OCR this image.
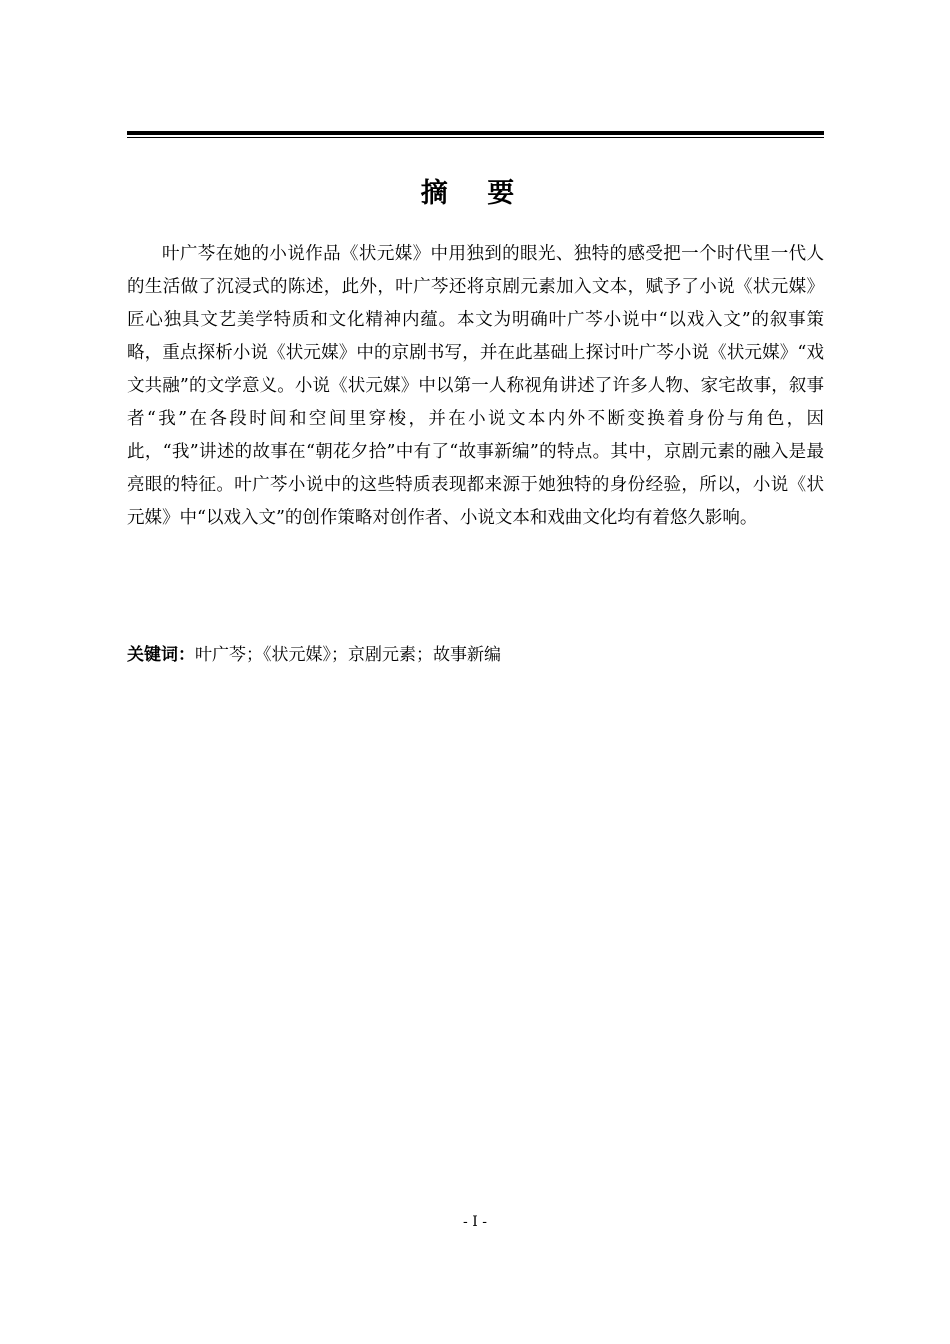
摘 要

叶广芩在她的小说作品《状元媒》中用独到的眼光、独特的感受把一个时代里一代人的生活做了沉浸式的陈述，此外，叶广芩还将京剧元素加入文本，赋予了小说《状元媒》匠心独具文艺美学特质和文化精神内蕴。本文为明确叶广芩小说中“以戏入文”的叙事策略，重点探析小说《状元媒》中的京剧书写，并在此基础上探讨叶广芩小说《状元媒》“戏文共融”的文学意义。小说《状元媒》中以第一人称视角讲述了许多人物、家宅故事，叙事者“我”在各段时间和空间里穿梭，并在小说文本内外不断变换着身份与角色，因此，“我”讲述的故事在“朝花夕拾”中有了“故事新编”的特点。其中，京剧元素的融入是最亮眼的特征。叶广芩小说中的这些特质表现都来源于她独特的身份经验，所以，小说《状元媒》中“以戏入文”的创作策略对创作者、小说文本和戏曲文化均有着悠久影响。

关键词：叶广芩；《状元媒》；京剧元素；故事新编
- I -
